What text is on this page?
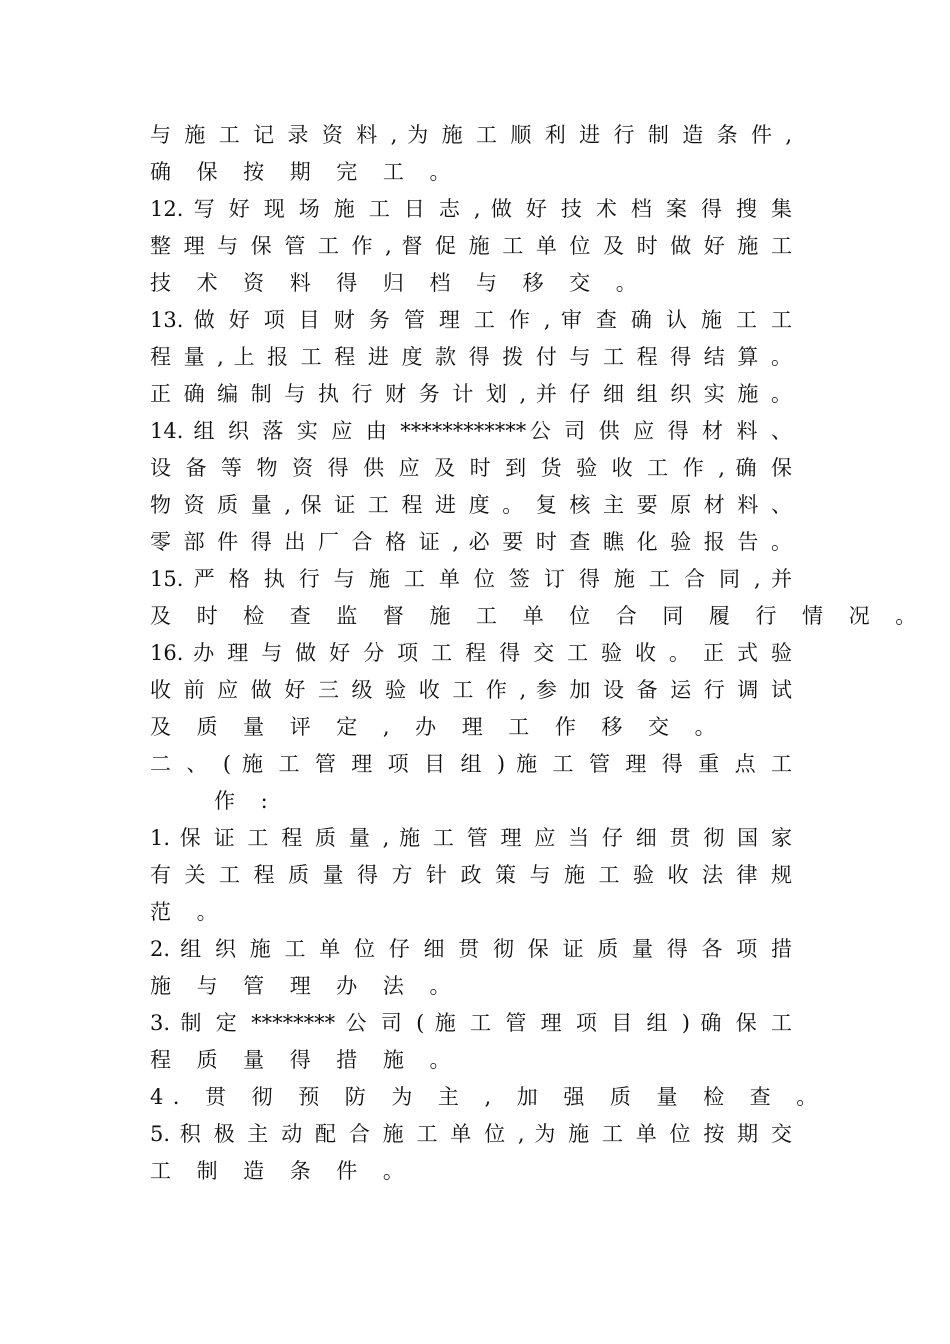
与 施 工 记 录 资 料 , 为 施 工 顺 利 进 行 制 造 条 件 ,
确 保 按 期 完 工 。
12. 写 好 现 场 施 工 日 志 , 做 好 技 术 档 案 得 搜 集
整 理 与 保 管 工 作 , 督 促 施 工 单 位 及 时 做 好 施 工
技 术 资 料 得 归 档 与 移 交 。
13. 做 好 项 目 财 务 管 理 工 作 , 审 查 确 认 施 工 工
程 量 , 上 报 工 程 进 度 款 得 拨 付 与 工 程 得 结 算 。
正 确 编 制 与 执 行 财 务 计 划 , 并 仔 细 组 织 实 施 。
14. 组 织 落 实 应 由 ************公 司 供 应 得 材 料 、
设 备 等 物 资 得 供 应 及 时 到 货 验 收 工 作 , 确 保
物 资 质 量 , 保 证 工 程 进 度 。 复 核 主 要 原 材 料 、
零 部 件 得 出 厂 合 格 证 , 必 要 时 查 瞧 化 验 报 告 。
15. 严 格 执 行 与 施 工 单 位 签 订 得 施 工 合 同 , 并
及 时 检 查 监 督 施 工 单 位 合 同 履 行 情 况 。
16. 办 理 与 做 好 分 项 工 程 得 交 工 验 收 。 正 式 验
收 前 应 做 好 三 级 验 收 工 作 , 参 加 设 备 运 行 调 试
及 质 量 评 定 , 办 理 工 作 移 交 。
二 、 ( 施 工 管 理 项 目 组 ) 施 工 管 理 得 重 点 工
作 :
1. 保 证 工 程 质 量 , 施 工 管 理 应 当 仔 细 贯 彻 国 家
有 关 工 程 质 量 得 方 针 政 策 与 施 工 验 收 法 律 规
范 。
2. 组 织 施 工 单 位 仔 细 贯 彻 保 证 质 量 得 各 项 措
施 与 管 理 办 法 。
3. 制 定 ******** 公 司 ( 施 工 管 理 项 目 组 ) 确 保 工
程 质 量 得 措 施 。
4. 贯 彻 预 防 为 主 , 加 强 质 量 检 查 。
5. 积 极 主 动 配 合 施 工 单 位 , 为 施 工 单 位 按 期 交
工 制 造 条 件 。
